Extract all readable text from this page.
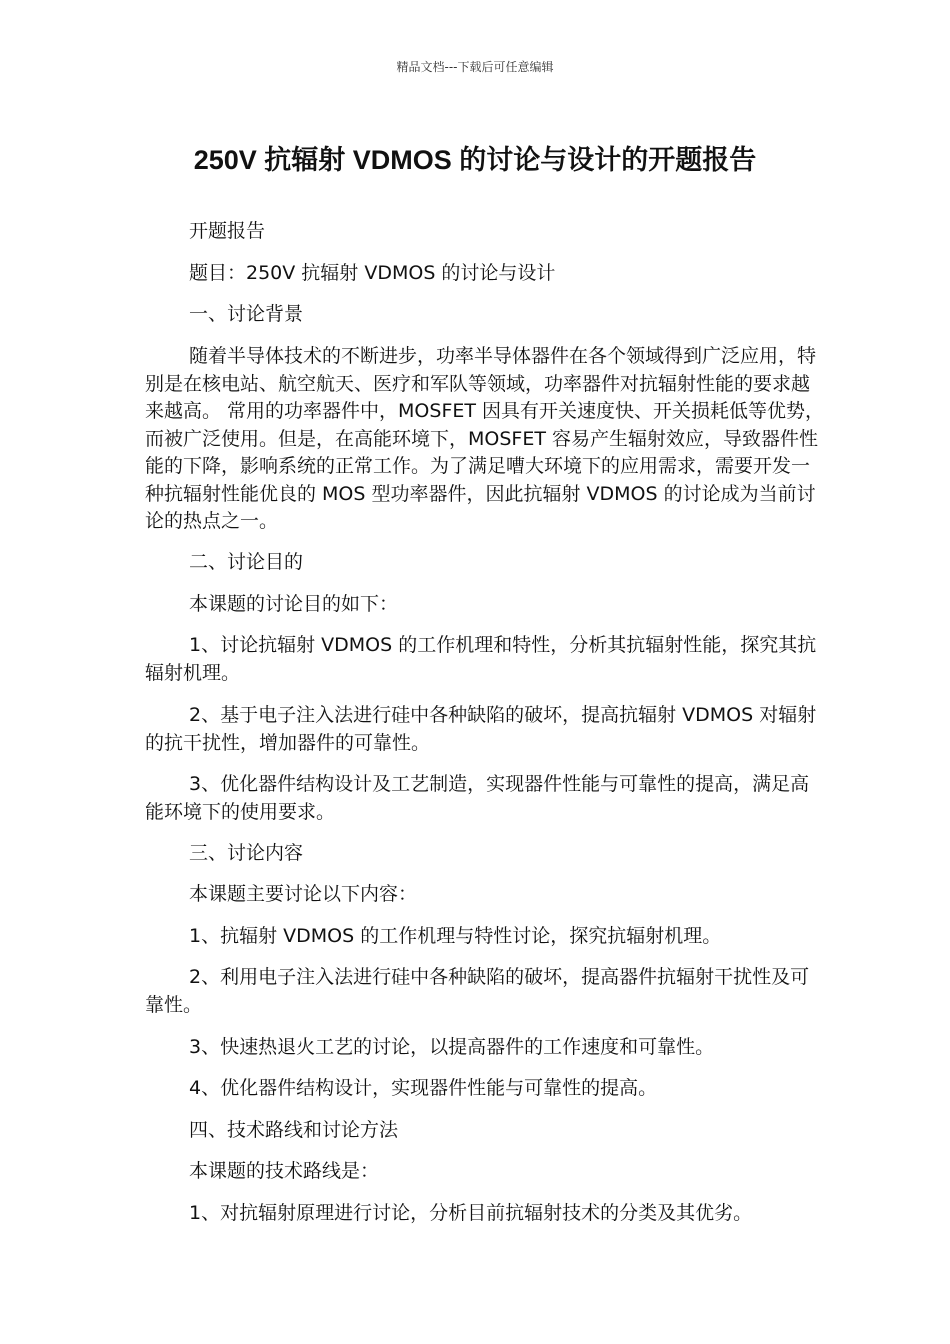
精品文档---下载后可任意编辑
250V 抗辐射 VDMOS 的讨论与设计的开题报告

开题报告

题目：250V 抗辐射 VDMOS 的讨论与设计

一、讨论背景

随着半导体技术的不断进步，功率半导体器件在各个领域得到广泛应用，特别是在核电站、航空航天、医疗和军队等领域，功率器件对抗辐射性能的要求越来越高。 常用的功率器件中，MOSFET 因具有开关速度快、开关损耗低等优势，而被广泛使用。但是，在高能环境下，MOSFET 容易产生辐射效应，导致器件性能的下降，影响系统的正常工作。为了满足嘈大环境下的应用需求，需要开发一种抗辐射性能优良的 MOS 型功率器件，因此抗辐射 VDMOS 的讨论成为当前讨论的热点之一。

二、讨论目的

本课题的讨论目的如下：

1、讨论抗辐射 VDMOS 的工作机理和特性，分析其抗辐射性能，探究其抗辐射机理。

2、基于电子注入法进行硅中各种缺陷的破坏，提高抗辐射 VDMOS 对辐射的抗干扰性，增加器件的可靠性。

3、优化器件结构设计及工艺制造，实现器件性能与可靠性的提高，满足高能环境下的使用要求。

三、讨论内容

本课题主要讨论以下内容：

1、抗辐射 VDMOS 的工作机理与特性讨论，探究抗辐射机理。

2、利用电子注入法进行硅中各种缺陷的破坏，提高器件抗辐射干扰性及可靠性。

3、快速热退火工艺的讨论，以提高器件的工作速度和可靠性。

4、优化器件结构设计，实现器件性能与可靠性的提高。

四、技术路线和讨论方法

本课题的技术路线是：

1、对抗辐射原理进行讨论，分析目前抗辐射技术的分类及其优劣。
